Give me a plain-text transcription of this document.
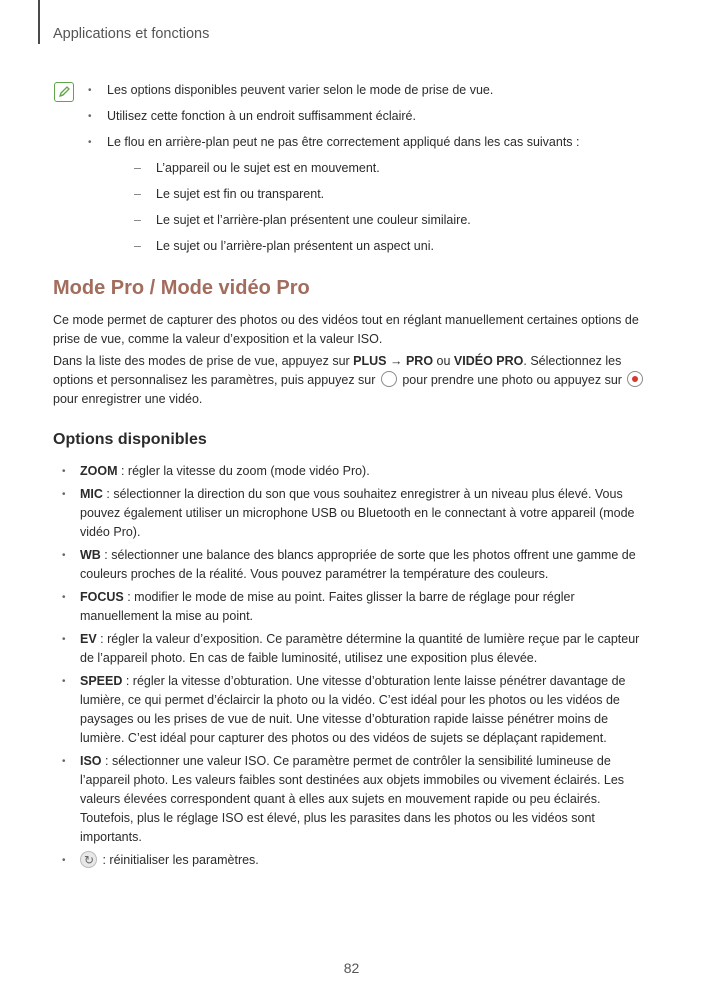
Applications et fonctions
• Les options disponibles peuvent varier selon le mode de prise de vue.
• Utilisez cette fonction à un endroit suffisamment éclairé.
• Le flou en arrière-plan peut ne pas être correctement appliqué dans les cas suivants :
– L’appareil ou le sujet est en mouvement.
– Le sujet est fin ou transparent.
– Le sujet et l’arrière-plan présentent une couleur similaire.
– Le sujet ou l’arrière-plan présentent un aspect uni.
Mode Pro / Mode vidéo Pro

Ce mode permet de capturer des photos ou des vidéos tout en réglant manuellement certaines options de prise de vue, comme la valeur d’exposition et la valeur ISO.

Dans la liste des modes de prise de vue, appuyez sur PLUS → PRO ou VIDÉO PRO. Sélectionnez les options et personnalisez les paramètres, puis appuyez sur  pour prendre une photo ou appuyez sur
pour enregistrer une vidéo.

Options disponibles
• ZOOM : régler la vitesse du zoom (mode vidéo Pro).
• MIC : sélectionner la direction du son que vous souhaitez enregistrer à un niveau plus élevé. Vous pouvez également utiliser un microphone USB ou Bluetooth en le connectant à votre appareil (mode vidéo Pro).
• WB : sélectionner une balance des blancs appropriée de sorte que les photos offrent une gamme de couleurs proches de la réalité. Vous pouvez paramétrer la température des couleurs.
• FOCUS : modifier le mode de mise au point. Faites glisser la barre de réglage pour régler manuellement la mise au point.
• EV : régler la valeur d’exposition. Ce paramètre détermine la quantité de lumière reçue par le capteur de l’appareil photo. En cas de faible luminosité, utilisez une exposition plus élevée.
• SPEED : régler la vitesse d’obturation. Une vitesse d’obturation lente laisse pénétrer davantage de lumière, ce qui permet d’éclaircir la photo ou la vidéo. C’est idéal pour les photos ou les vidéos de paysages ou les prises de vue de nuit. Une vitesse d’obturation rapide laisse pénétrer moins de lumière. C’est idéal pour capturer des photos ou des vidéos de sujets se déplaçant rapidement.
• ISO : sélectionner une valeur ISO. Ce paramètre permet de contrôler la sensibilité lumineuse de l’appareil photo. Les valeurs faibles sont destinées aux objets immobiles ou vivement éclairés. Les valeurs élevées correspondent quant à elles aux sujets en mouvement rapide ou peu éclairés. Toutefois, plus le réglage ISO est élevé, plus les parasites dans les photos ou les vidéos sont importants.
• ↻ : réinitialiser les paramètres.
82
